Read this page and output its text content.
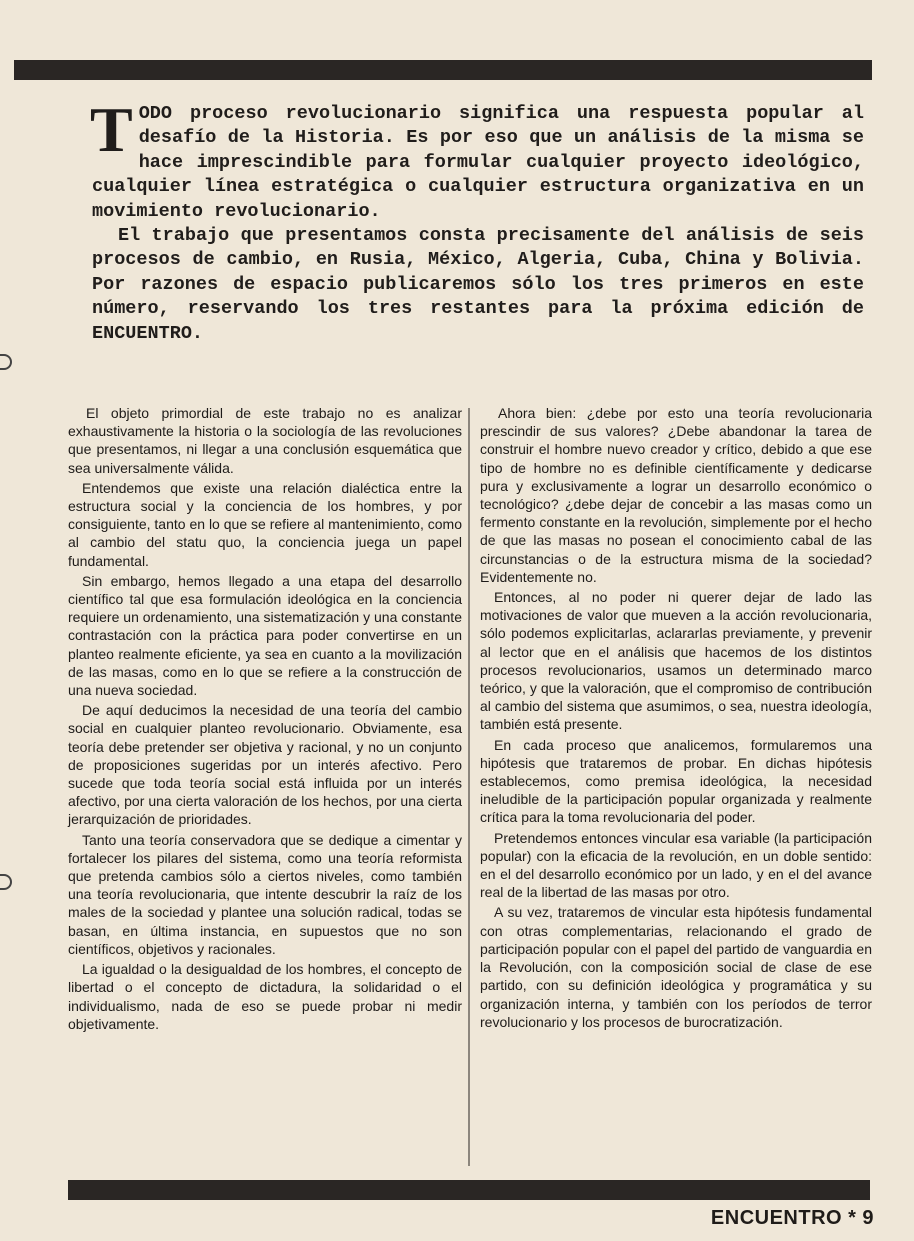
TODO proceso revolucionario significa una respuesta popular al desafío de la Historia. Es por eso que un análisis de la misma se hace imprescindible para formular cualquier proyecto ideológico, cualquier línea estratégica o cualquier estructura organizativa en un movimiento revolucionario.

El trabajo que presentamos consta precisamente del análisis de seis procesos de cambio, en Rusia, México, Algeria, Cuba, China y Bolivia. Por razones de espacio publicaremos sólo los tres primeros en este número, reservando los tres restantes para la próxima edición de ENCUENTRO.

El objeto primordial de este trabajo no es analizar exhaustivamente la historia o la sociología de las revoluciones que presentamos, ni llegar a una conclusión esquemática que sea universalmente válida.

Entendemos que existe una relación dialéctica entre la estructura social y la conciencia de los hombres, y por consiguiente, tanto en lo que se refiere al mantenimiento, como al cambio del statu quo, la conciencia juega un papel fundamental.

Sin embargo, hemos llegado a una etapa del desarrollo científico tal que esa formulación ideológica en la conciencia requiere un ordenamiento, una sistematización y una constante contrastación con la práctica para poder convertirse en un planteo realmente eficiente, ya sea en cuanto a la movilización de las masas, como en lo que se refiere a la construcción de una nueva sociedad.

De aquí deducimos la necesidad de una teoría del cambio social en cualquier planteo revolucionario. Obviamente, esa teoría debe pretender ser objetiva y racional, y no un conjunto de proposiciones sugeridas por un interés afectivo. Pero sucede que toda teoría social está influida por un interés afectivo, por una cierta valoración de los hechos, por una cierta jerarquización de prioridades.

Tanto una teoría conservadora que se dedique a cimentar y fortalecer los pilares del sistema, como una teoría reformista que pretenda cambios sólo a ciertos niveles, como también una teoría revolucionaria, que intente descubrir la raíz de los males de la sociedad y plantee una solución radical, todas se basan, en última instancia, en supuestos que no son científicos, objetivos y racionales.

La igualdad o la desigualdad de los hombres, el concepto de libertad o el concepto de dictadura, la solidaridad o el individualismo, nada de eso se puede probar ni medir objetivamente.

Ahora bien: ¿debe por esto una teoría revolucionaria prescindir de sus valores? ¿Debe abandonar la tarea de construir el hombre nuevo creador y crítico, debido a que ese tipo de hombre no es definible científicamente y dedicarse pura y exclusivamente a lograr un desarrollo económico o tecnológico? ¿debe dejar de concebir a las masas como un fermento constante en la revolución, simplemente por el hecho de que las masas no posean el conocimiento cabal de las circunstancias o de la estructura misma de la sociedad? Evidentemente no.

Entonces, al no poder ni querer dejar de lado las motivaciones de valor que mueven a la acción revolucionaria, sólo podemos explicitarlas, aclararlas previamente, y prevenir al lector que en el análisis que hacemos de los distintos procesos revolucionarios, usamos un determinado marco teórico, y que la valoración, que el compromiso de contribución al cambio del sistema que asumimos, o sea, nuestra ideología, también está presente.

En cada proceso que analicemos, formularemos una hipótesis que trataremos de probar. En dichas hipótesis establecemos, como premisa ideológica, la necesidad ineludible de la participación popular organizada y realmente crítica para la toma revolucionaria del poder.

Pretendemos entonces vincular esa variable (la participación popular) con la eficacia de la revolución, en un doble sentido: en el del desarrollo económico por un lado, y en el del avance real de la libertad de las masas por otro.

A su vez, trataremos de vincular esta hipótesis fundamental con otras complementarias, relacionando el grado de participación popular con el papel del partido de vanguardia en la Revolución, con la composición social de clase de ese partido, con su definición ideológica y programática y su organización interna, y también con los períodos de terror revolucionario y los procesos de burocratización.

ENCUENTRO * 9
